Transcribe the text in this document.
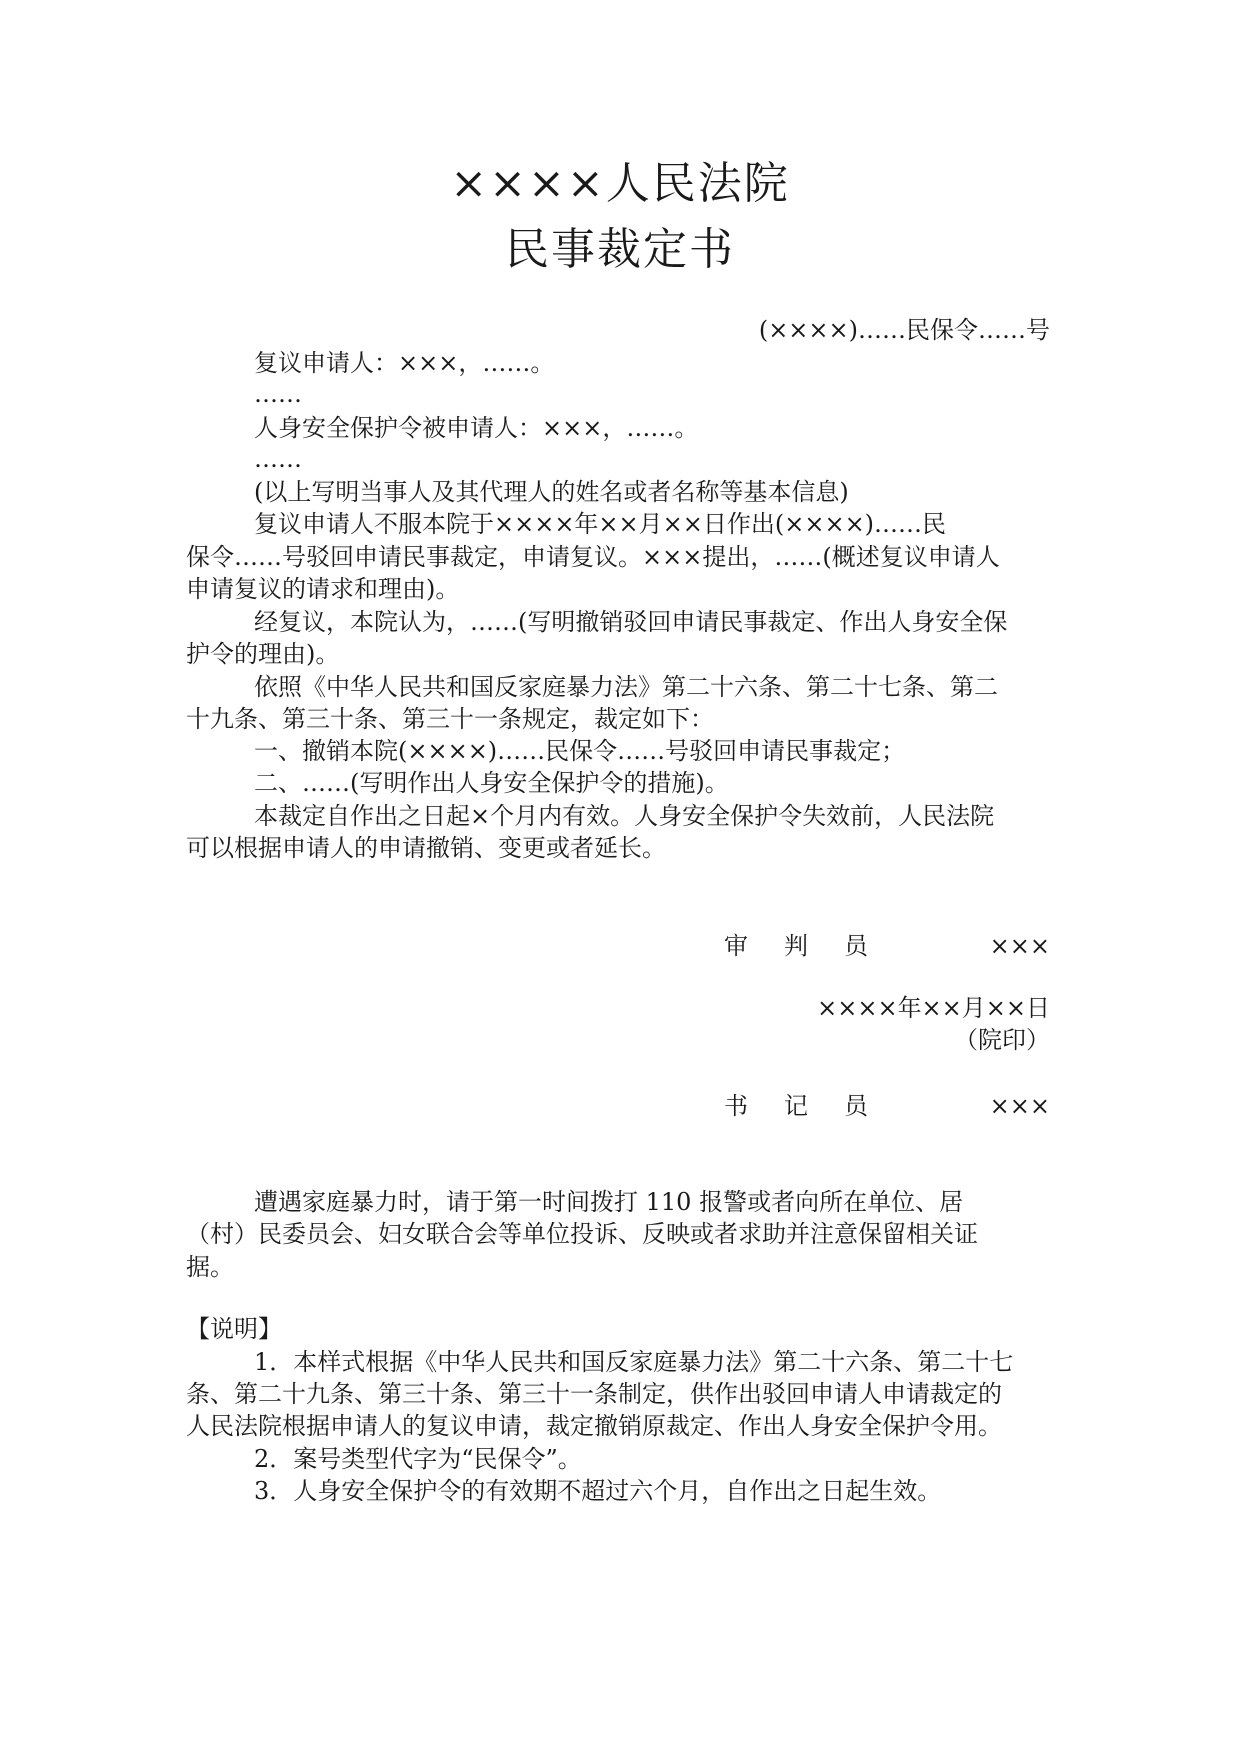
××××人民法院
民事裁定书
(××××)……民保令……号
复议申请人：×××，……。
……
人身安全保护令被申请人：×××，……。
……
(以上写明当事人及其代理人的姓名或者名称等基本信息)
复议申请人不服本院于××××年××月××日作出(××××)……民
保令……号驳回申请民事裁定，申请复议。×××提出，……(概述复议申请人
申请复议的请求和理由)。
经复议，本院认为，……(写明撤销驳回申请民事裁定、作出人身安全保
护令的理由)。
依照《中华人民共和国反家庭暴力法》第二十六条、第二十七条、第二
十九条、第三十条、第三十一条规定，裁定如下：
一、撤销本院(××××)……民保令……号驳回申请民事裁定；
二、……(写明作出人身安全保护令的措施)。
本裁定自作出之日起×个月内有效。人身安全保护令失效前，人民法院
可以根据申请人的申请撤销、变更或者延长。
审判员	×××
××××年××月××日
（院印）
书记员	×××
遭遇家庭暴力时，请于第一时间拨打 110 报警或者向所在单位、居
（村）民委员会、妇女联合会等单位投诉、反映或者求助并注意保留相关证
据。
【说明】
1．本样式根据《中华人民共和国反家庭暴力法》第二十六条、第二十七
条、第二十九条、第三十条、第三十一条制定，供作出驳回申请人申请裁定的
人民法院根据申请人的复议申请，裁定撤销原裁定、作出人身安全保护令用。
2．案号类型代字为“民保令”。
3．人身安全保护令的有效期不超过六个月，自作出之日起生效。
